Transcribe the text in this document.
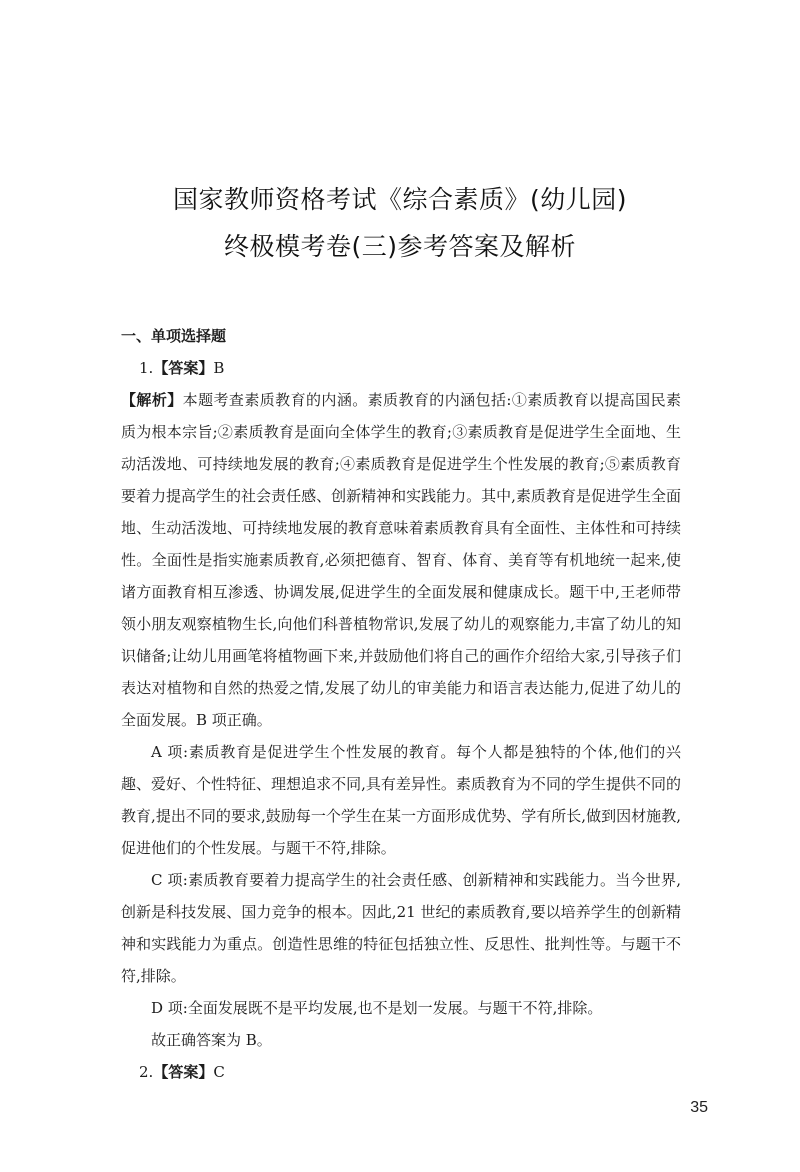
国家教师资格考试《综合素质》(幼儿园)
终极模考卷(三)参考答案及解析

一、单项选择题

1.【答案】B

【解析】本题考查素质教育的内涵。素质教育的内涵包括:①素质教育以提高国民素质为根本宗旨;②素质教育是面向全体学生的教育;③素质教育是促进学生全面地、生动活泼地、可持续地发展的教育;④素质教育是促进学生个性发展的教育;⑤素质教育要着力提高学生的社会责任感、创新精神和实践能力。其中,素质教育是促进学生全面地、生动活泼地、可持续地发展的教育意味着素质教育具有全面性、主体性和可持续性。全面性是指实施素质教育,必须把德育、智育、体育、美育等有机地统一起来,使诸方面教育相互渗透、协调发展,促进学生的全面发展和健康成长。题干中,王老师带领小朋友观察植物生长,向他们科普植物常识,发展了幼儿的观察能力,丰富了幼儿的知识储备;让幼儿用画笔将植物画下来,并鼓励他们将自己的画作介绍给大家,引导孩子们表达对植物和自然的热爱之情,发展了幼儿的审美能力和语言表达能力,促进了幼儿的全面发展。B 项正确。

A 项:素质教育是促进学生个性发展的教育。每个人都是独特的个体,他们的兴趣、爱好、个性特征、理想追求不同,具有差异性。素质教育为不同的学生提供不同的教育,提出不同的要求,鼓励每一个学生在某一方面形成优势、学有所长,做到因材施教,促进他们的个性发展。与题干不符,排除。

C 项:素质教育要着力提高学生的社会责任感、创新精神和实践能力。当今世界,创新是科技发展、国力竞争的根本。因此,21 世纪的素质教育,要以培养学生的创新精神和实践能力为重点。创造性思维的特征包括独立性、反思性、批判性等。与题干不符,排除。

D 项:全面发展既不是平均发展,也不是划一发展。与题干不符,排除。

故正确答案为 B。

2.【答案】C

35
